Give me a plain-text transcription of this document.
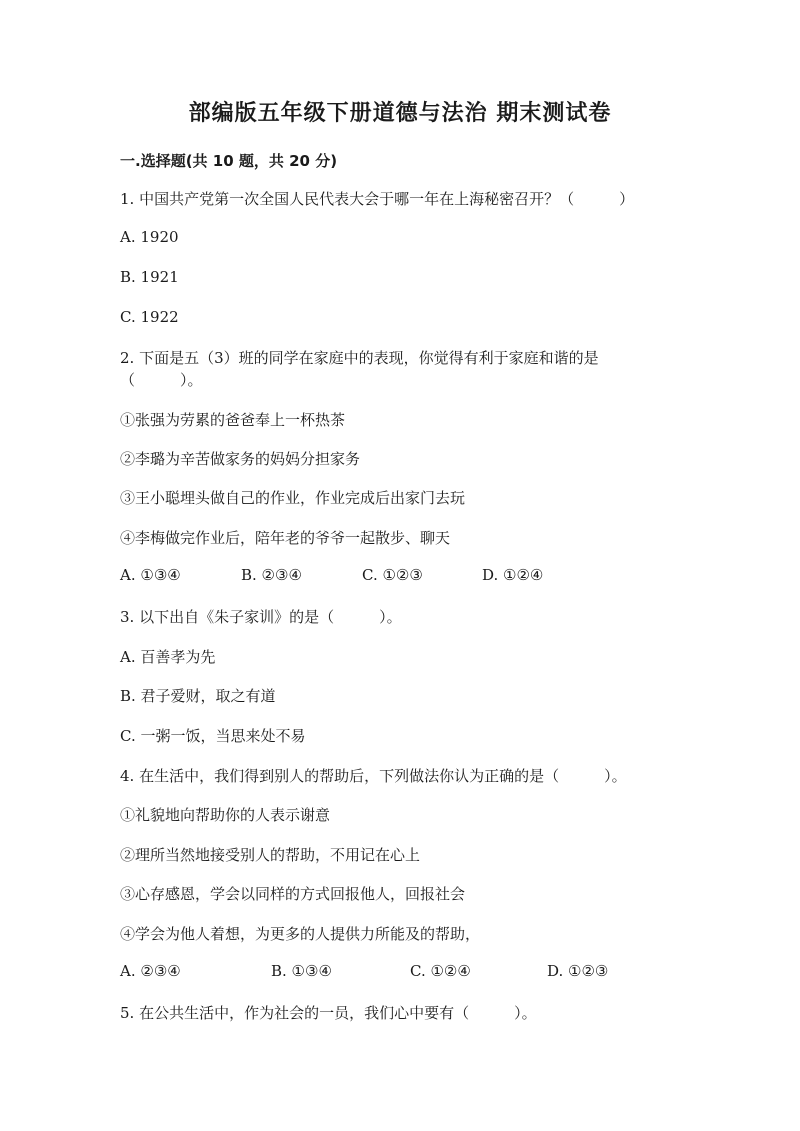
部编版五年级下册道德与法治 期末测试卷
一.选择题(共 10 题，共 20 分)
1. 中国共产党第一次全国人民代表大会于哪一年在上海秘密召开？（　　　）
A. 1920
B. 1921
C. 1922
2. 下面是五（3）班的同学在家庭中的表现，你觉得有利于家庭和谐的是
（　　　）。
①张强为劳累的爸爸奉上一杯热茶
②李璐为辛苦做家务的妈妈分担家务
③王小聪埋头做自己的作业，作业完成后出家门去玩
④李梅做完作业后，陪年老的爷爷一起散步、聊天
A. ①③④	B. ②③④	C. ①②③	D. ①②④
3. 以下出自《朱子家训》的是（　　　）。
A. 百善孝为先
B. 君子爱财，取之有道
C. 一粥一饭，当思来处不易
4. 在生活中，我们得到别人的帮助后，下列做法你认为正确的是（　　　）。
①礼貌地向帮助你的人表示谢意
②理所当然地接受别人的帮助，不用记在心上
③心存感恩，学会以同样的方式回报他人，回报社会
④学会为他人着想，为更多的人提供力所能及的帮助，
A. ②③④	B. ①③④	C. ①②④	D. ①②③
5. 在公共生活中，作为社会的一员，我们心中要有（　　　）。
